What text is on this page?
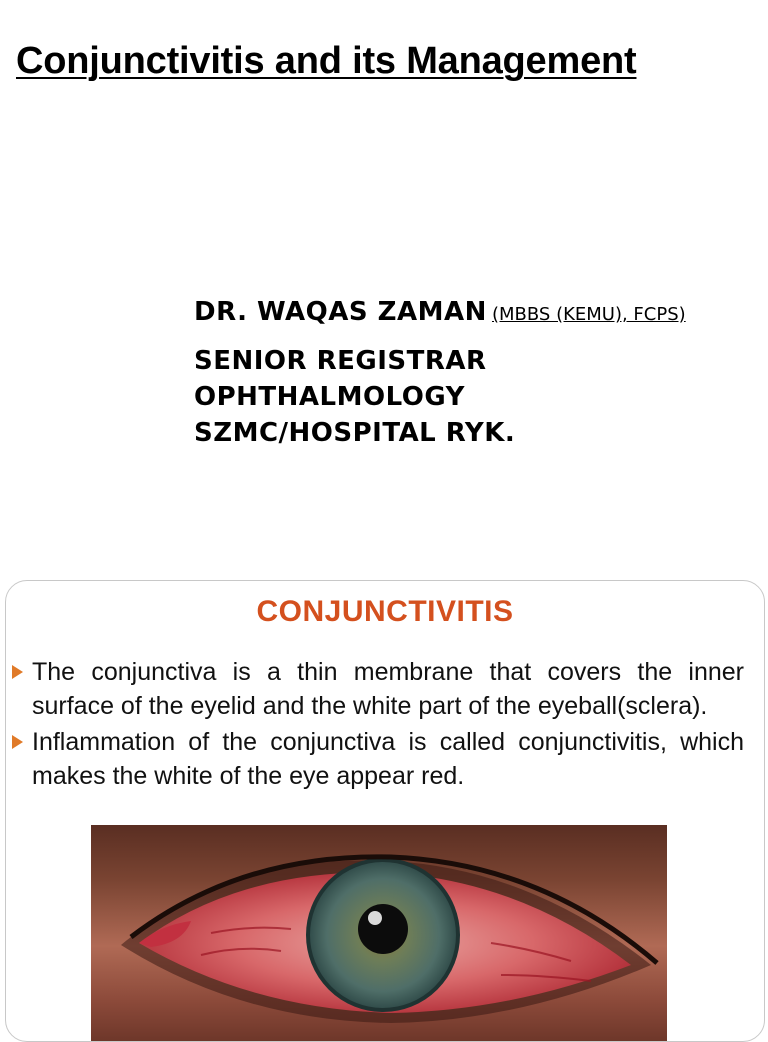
Conjunctivitis and its Management
DR. WAQAS ZAMAN (MBBS (KEMU), FCPS)
SENIOR REGISTRAR
OPHTHALMOLOGY
SZMC/HOSPITAL RYK.
CONJUNCTIVITIS
The conjunctiva is a thin membrane that covers the inner surface of the eyelid and the white part of the eyeball(sclera).
Inflammation of the conjunctiva is called conjunctivitis, which makes the white of the eye appear red.
